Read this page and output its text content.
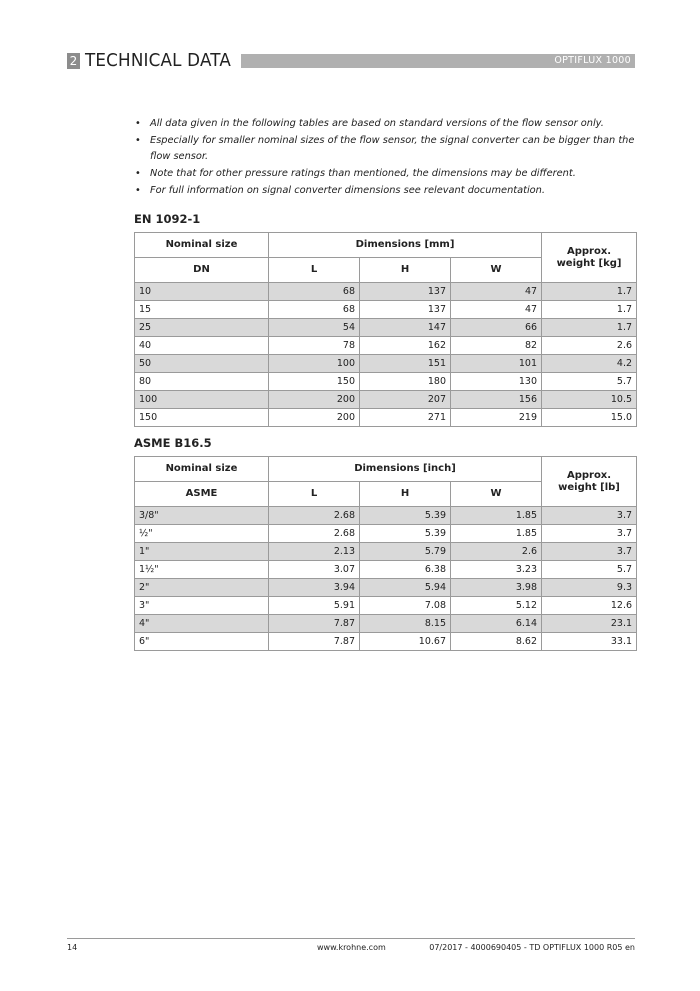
2 TECHNICAL DATA	OPTIFLUX 1000
• All data given in the following tables are based on standard versions of the flow sensor only.
• Especially for smaller nominal sizes of the flow sensor, the signal converter can be bigger than the flow sensor.
• Note that for other pressure ratings than mentioned, the dimensions may be different.
• For full information on signal converter dimensions see relevant documentation.
EN 1092-1
Nominal size	Dimensions [mm]			Approx. weight [kg]
DN	L	H	W	
10	68	137	47	1.7
15	68	137	47	1.7
25	54	147	66	1.7
40	78	162	82	2.6
50	100	151	101	4.2
80	150	180	130	5.7
100	200	207	156	10.5
150	200	271	219	15.0
ASME B16.5
Nominal size	Dimensions [inch]			Approx. weight [lb]
ASME	L	H	W	
3/8"	2.68	5.39	1.85	3.7
½"	2.68	5.39	1.85	3.7
1"	2.13	5.79	2.6	3.7
1½"	3.07	6.38	3.23	5.7
2"	3.94	5.94	3.98	9.3
3"	5.91	7.08	5.12	12.6
4"	7.87	8.15	6.14	23.1
6"	7.87	10.67	8.62	33.1
14	www.krohne.com	07/2017 - 4000690405 - TD OPTIFLUX 1000 R05 en
